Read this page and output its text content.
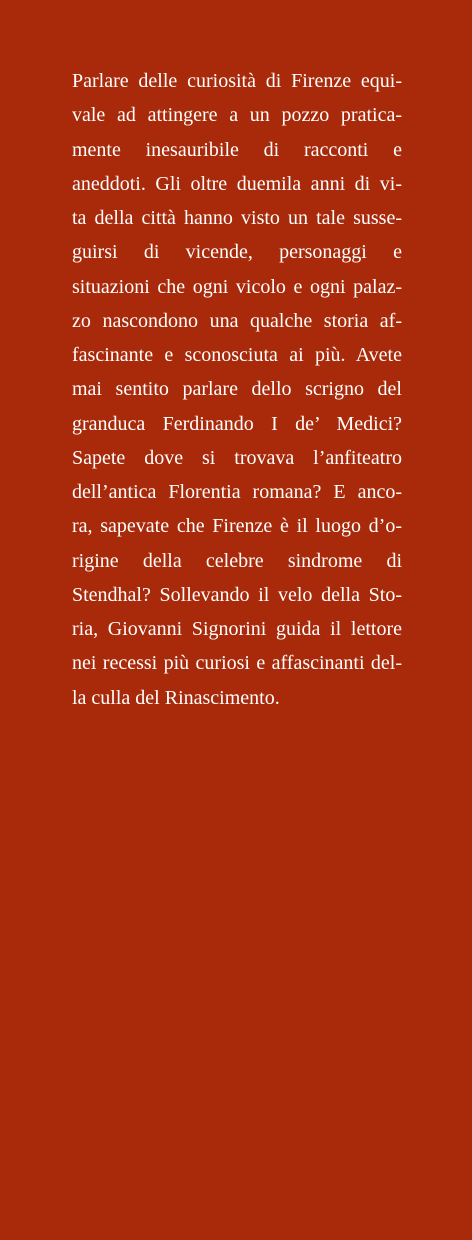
Parlare delle curiosità di Firenze equi-
vale ad attingere a un pozzo pratica-
mente inesauribile di racconti e
aneddoti. Gli oltre duemila anni di vi-
ta della città hanno visto un tale susse-
guirsi di vicende, personaggi e
situazioni che ogni vicolo e ogni palaz-
zo nascondono una qualche storia af-
fascinante e sconosciuta ai più. Avete
mai sentito parlare dello scrigno del
granduca Ferdinando I de’ Medici?
Sapete dove si trovava l’anfiteatro
dell’antica Florentia romana? E anco-
ra, sapevate che Firenze è il luogo d’o-
rigine della celebre sindrome di
Stendhal? Sollevando il velo della Sto-
ria, Giovanni Signorini guida il lettore
nei recessi più curiosi e affascinanti del-
la culla del Rinascimento.
